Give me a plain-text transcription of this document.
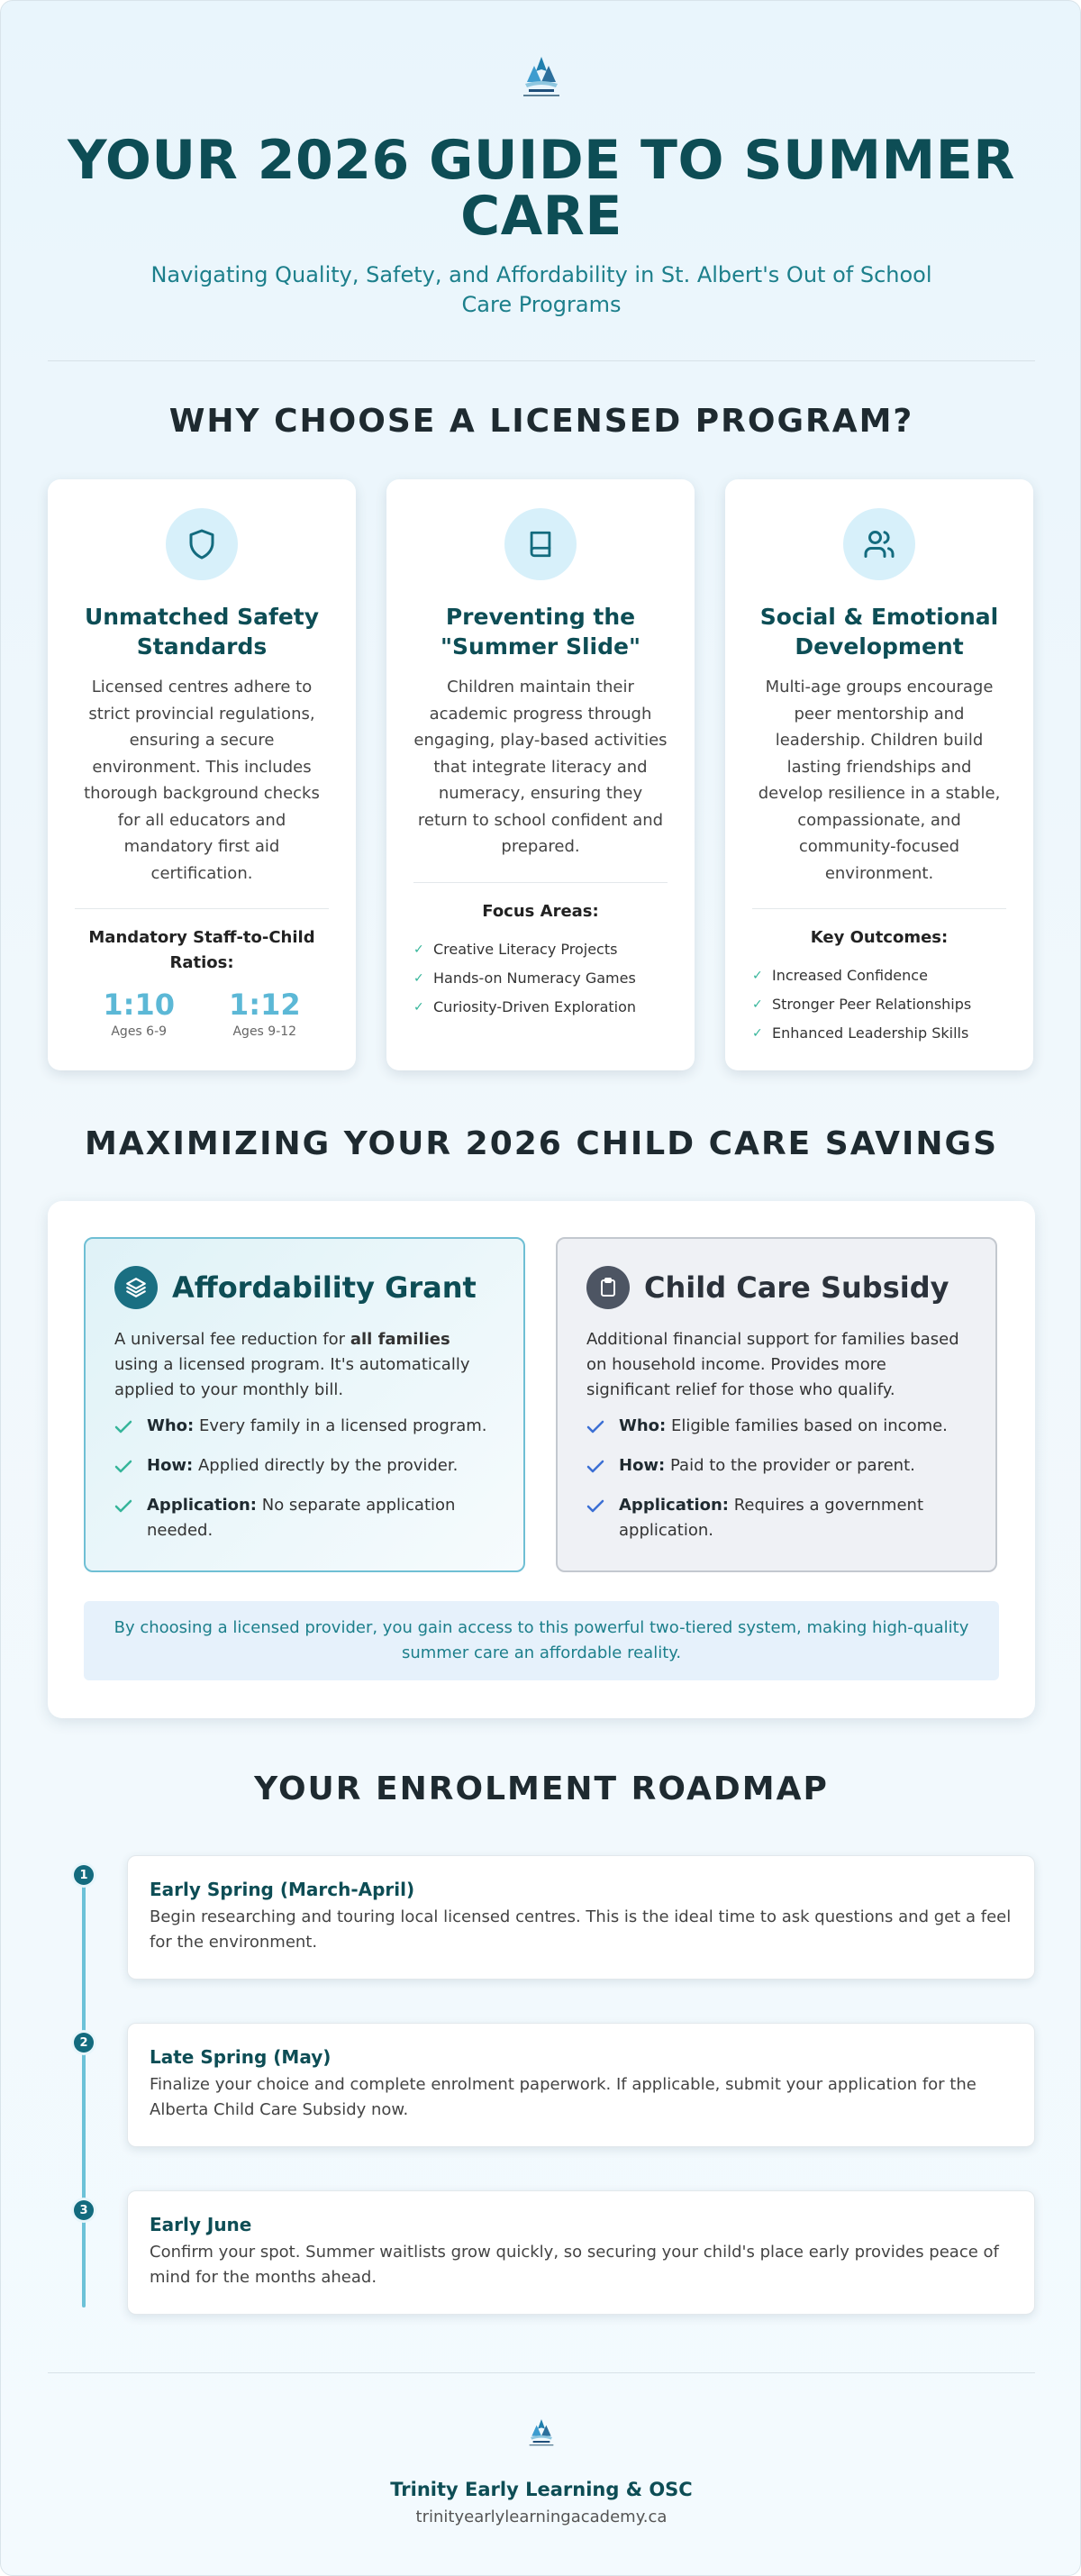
YOUR 2026 GUIDE TO SUMMER CARE
Navigating Quality, Safety, and Affordability in St. Albert's Out of School Care Programs
WHY CHOOSE A LICENSED PROGRAM?
Unmatched Safety Standards

Licensed centres adhere to strict provincial regulations, ensuring a secure environment. This includes thorough background checks for all educators and mandatory first aid certification.

Mandatory Staff-to-Child Ratios:
1:10
Ages 6-9
1:12
Ages 9-12
Preventing the "Summer Slide"

Children maintain their academic progress through engaging, play-based activities that integrate literacy and numeracy, ensuring they return to school confident and prepared.

Focus Areas:
✓ Creative Literacy Projects
✓ Hands-on Numeracy Games
✓ Curiosity-Driven Exploration
Social & Emotional Development

Multi-age groups encourage peer mentorship and leadership. Children build lasting friendships and develop resilience in a stable, compassionate, and community-focused environment.

Key Outcomes:
✓ Increased Confidence
✓ Stronger Peer Relationships
✓ Enhanced Leadership Skills
MAXIMIZING YOUR 2026 CHILD CARE SAVINGS
Affordability Grant

A universal fee reduction for all families using a licensed program. It's automatically applied to your monthly bill.

Who: Every family in a licensed program.
How: Applied directly by the provider.
Application: No separate application needed.
Child Care Subsidy

Additional financial support for families based on household income. Provides more significant relief for those who qualify.

Who: Eligible families based on income.
How: Paid to the provider or parent.
Application: Requires a government application.
By choosing a licensed provider, you gain access to this powerful two-tiered system, making high-quality summer care an affordable reality.
YOUR ENROLMENT ROADMAP
1
Early Spring (March-April)

Begin researching and touring local licensed centres. This is the ideal time to ask questions and get a feel for the environment.

2
Late Spring (May)

Finalize your choice and complete enrolment paperwork. If applicable, submit your application for the Alberta Child Care Subsidy now.

3
Early June

Confirm your spot. Summer waitlists grow quickly, so securing your child's place early provides peace of mind for the months ahead.

Trinity Early Learning & OSC
trinityearlylearningacademy.ca
